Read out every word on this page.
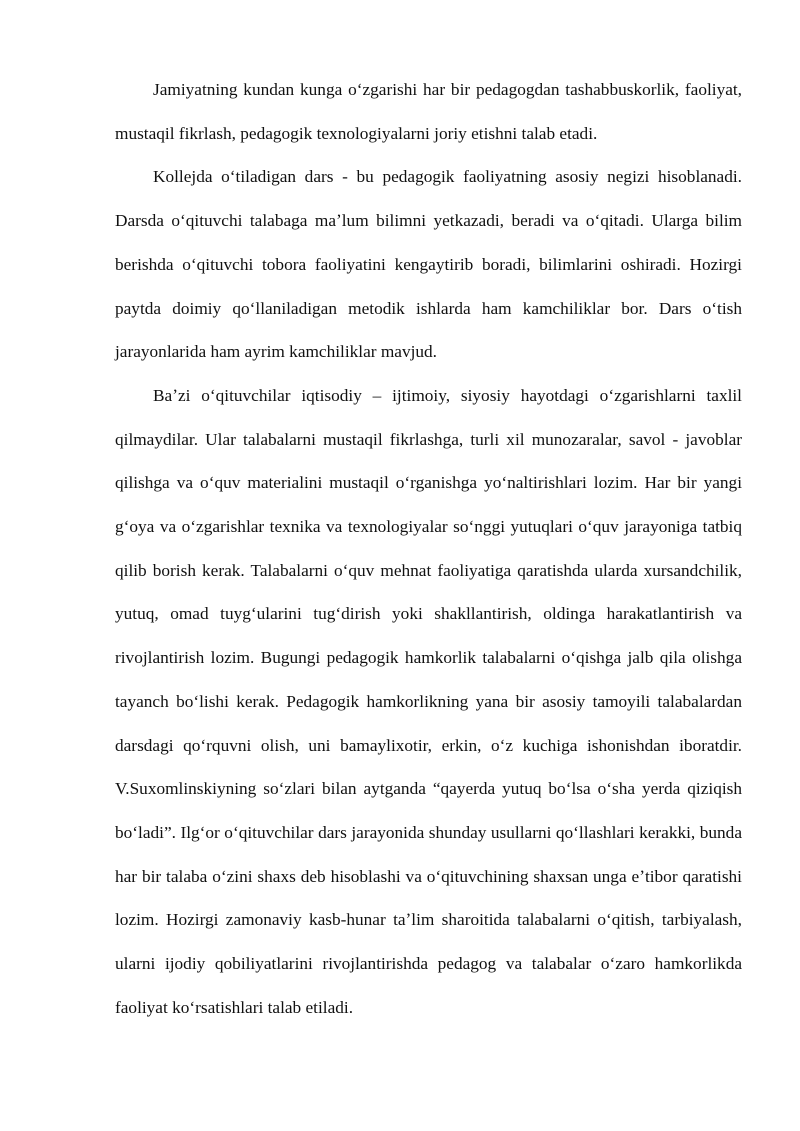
Jamiyatning kundan kunga oʻzgarishi har bir pedagogdan tashabbuskorlik, faoliyat, mustaqil fikrlash, pedagogik texnologiyalarni joriy etishni talab etadi.

Kollejda oʻtiladigan dars - bu pedagogik faoliyatning asosiy negizi hisoblanadi. Darsda oʻqituvchi talabaga maʼlum bilimni yetkazadi, beradi va oʻqitadi. Ularga bilim berishda oʻqituvchi tobora faoliyatini kengaytirib boradi, bilimlarini oshiradi. Hozirgi paytda doimiy qoʻllaniladigan metodik ishlarda ham kamchiliklar bor. Dars oʻtish jarayonlarida ham ayrim kamchiliklar mavjud.

Baʼzi oʻqituvchilar iqtisodiy – ijtimoiy, siyosiy hayotdagi oʻzgarishlarni taxlil qilmaydilar. Ular talabalarni mustaqil fikrlashga, turli xil munozaralar, savol - javoblar qilishga va oʻquv materialini mustaqil oʻrganishga yoʻnaltirishlari lozim. Har bir yangi gʻoya va oʻzgarishlar texnika va texnologiyalar soʻnggi yutuqlari oʻquv jarayoniga tatbiq qilib borish kerak. Talabalarni oʻquv mehnat faoliyatiga qaratishda ularda xursandchilik, yutuq, omad tuygʻularini tugʻdirish yoki shakllantirish, oldinga harakatlantirish va rivojlantirish lozim. Bugungi pedagogik hamkorlik talabalarni oʻqishga jalb qila olishga tayanch boʻlishi kerak. Pedagogik hamkorlikning yana bir asosiy tamoyili talabalardan darsdagi qoʻrquvni olish, uni bamaylixotir, erkin, oʻz kuchiga ishonishdan iboratdir. V.Suxomlinskiyning soʻzlari bilan aytganda “qayerda yutuq boʻlsa oʻsha yerda qiziqish boʻladi”. Ilgʻor oʻqituvchilar dars jarayonida shunday usullarni qoʻllashlari kerakki, bunda har bir talaba oʻzini shaxs deb hisoblashi va oʻqituvchining shaxsan unga eʼtibor qaratishi lozim. Hozirgi zamonaviy kasb-hunar taʼlim sharoitida talabalarni oʻqitish, tarbiyalash, ularni ijodiy qobiliyatlarini rivojlantirishda pedagog va talabalar oʻzaro hamkorlikda faoliyat koʻrsatishlari talab etiladi.
